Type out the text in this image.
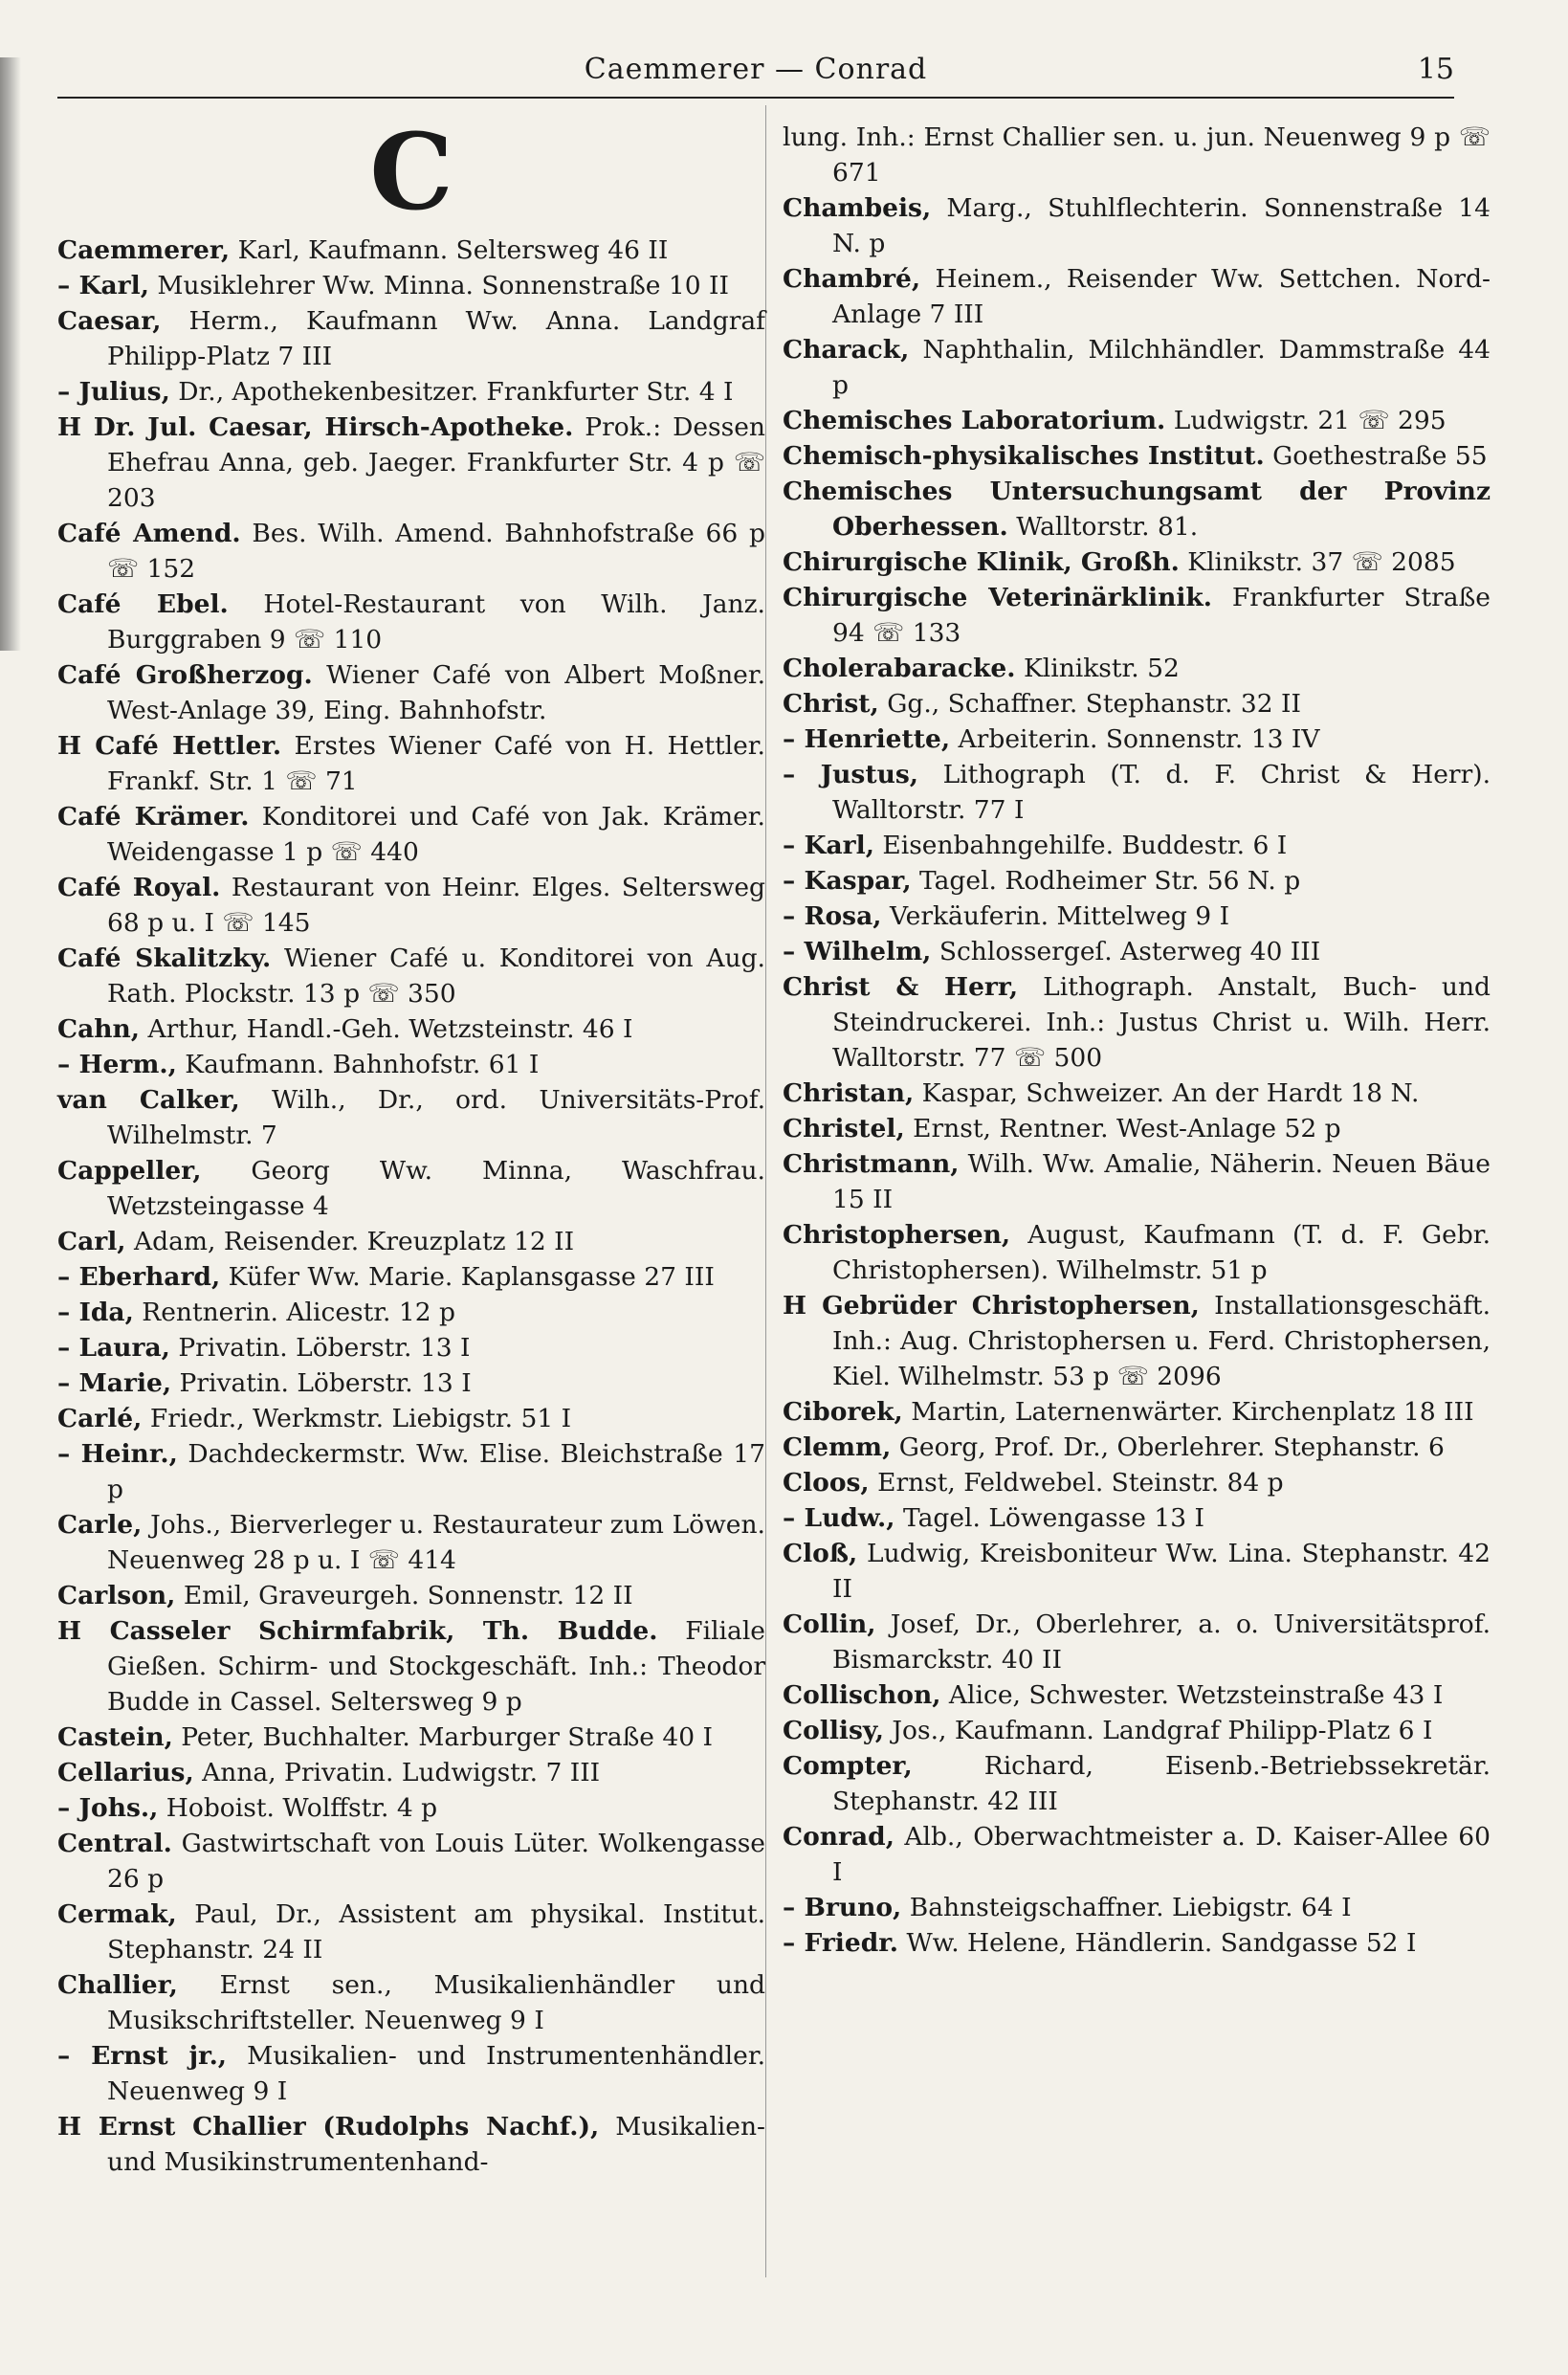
Caemmerer — Conrad	15
C

Caemmerer, Karl, Kaufmann. Seltersweg 46 II

– Karl, Musiklehrer Ww. Minna. Sonnenstraße 10 II

Caesar, Herm., Kaufmann Ww. Anna. Landgraf Philipp-Platz 7 III

– Julius, Dr., Apothekenbesitzer. Frankfurter Str. 4 I

H Dr. Jul. Caesar, Hirsch-Apotheke. Prok.: Dessen Ehefrau Anna, geb. Jaeger. Frankfurter Str. 4 p ☏ 203

Café Amend. Bes. Wilh. Amend. Bahnhofstraße 66 p ☏ 152

Café Ebel. Hotel-Restaurant von Wilh. Janz. Burggraben 9 ☏ 110

Café Großherzog. Wiener Café von Albert Moßner. West-Anlage 39, Eing. Bahnhofstr.

H Café Hettler. Erstes Wiener Café von H. Hettler. Frankf. Str. 1 ☏ 71

Café Krämer. Konditorei und Café von Jak. Krämer. Weidengasse 1 p ☏ 440

Café Royal. Restaurant von Heinr. Elges. Seltersweg 68 p u. I ☏ 145

Café Skalitzky. Wiener Café u. Konditorei von Aug. Rath. Plockstr. 13 p ☏ 350

Cahn, Arthur, Handl.-Geh. Wetzsteinstr. 46 I

– Herm., Kaufmann. Bahnhofstr. 61 I

van Calker, Wilh., Dr., ord. Universitäts-Prof. Wilhelmstr. 7

Cappeller, Georg Ww. Minna, Waschfrau. Wetzsteingasse 4

Carl, Adam, Reisender. Kreuzplatz 12 II

– Eberhard, Küfer Ww. Marie. Kaplansgasse 27 III

– Ida, Rentnerin. Alicestr. 12 p

– Laura, Privatin. Löberstr. 13 I

– Marie, Privatin. Löberstr. 13 I

Carlé, Friedr., Werkmstr. Liebigstr. 51 I

– Heinr., Dachdeckermstr. Ww. Elise. Bleichstraße 17 p

Carle, Johs., Bierverleger u. Restaurateur zum Löwen. Neuenweg 28 p u. I ☏ 414

Carlson, Emil, Graveurgeh. Sonnenstr. 12 II

H Casseler Schirmfabrik, Th. Budde. Filiale Gießen. Schirm- und Stockgeschäft. Inh.: Theodor Budde in Cassel. Seltersweg 9 p

Castein, Peter, Buchhalter. Marburger Straße 40 I

Cellarius, Anna, Privatin. Ludwigstr. 7 III

– Johs., Hoboist. Wolffstr. 4 p

Central. Gastwirtschaft von Louis Lüter. Wolkengasse 26 p

Cermak, Paul, Dr., Assistent am physikal. Institut. Stephanstr. 24 II

Challier, Ernst sen., Musikalienhändler und Musikschriftsteller. Neuenweg 9 I

– Ernst jr., Musikalien- und Instrumentenhändler. Neuenweg 9 I

H Ernst Challier (Rudolphs Nachf.), Musikalien- und Musikinstrumentenhand-

lung. Inh.: Ernst Challier sen. u. jun. Neuenweg 9 p ☏ 671

Chambeis, Marg., Stuhlflechterin. Sonnenstraße 14 N. p

Chambré, Heinem., Reisender Ww. Settchen. Nord-Anlage 7 III

Charack, Naphthalin, Milchhändler. Dammstraße 44 p

Chemisches Laboratorium. Ludwigstr. 21 ☏ 295

Chemisch-physikalisches Institut. Goethestraße 55

Chemisches Untersuchungsamt der Provinz Oberhessen. Walltorstr. 81.

Chirurgische Klinik, Großh. Klinikstr. 37 ☏ 2085

Chirurgische Veterinärklinik. Frankfurter Straße 94 ☏ 133

Cholerabaracke. Klinikstr. 52

Christ, Gg., Schaffner. Stephanstr. 32 II

– Henriette, Arbeiterin. Sonnenstr. 13 IV

– Justus, Lithograph (T. d. F. Christ & Herr). Walltorstr. 77 I

– Karl, Eisenbahngehilfe. Buddestr. 6 I

– Kaspar, Tagel. Rodheimer Str. 56 N. p

– Rosa, Verkäuferin. Mittelweg 9 I

– Wilhelm, Schlossergeſ. Asterweg 40 III

Christ & Herr, Lithograph. Anstalt, Buch- und Steindruckerei. Inh.: Justus Christ u. Wilh. Herr. Walltorstr. 77 ☏ 500

Christan, Kaspar, Schweizer. An der Hardt 18 N.

Christel, Ernst, Rentner. West-Anlage 52 p

Christmann, Wilh. Ww. Amalie, Näherin. Neuen Bäue 15 II

Christophersen, August, Kaufmann (T. d. F. Gebr. Christophersen). Wilhelmstr. 51 p

H Gebrüder Christophersen, Installationsgeschäft. Inh.: Aug. Christophersen u. Ferd. Christophersen, Kiel. Wilhelmstr. 53 p ☏ 2096

Ciborek, Martin, Laternenwärter. Kirchenplatz 18 III

Clemm, Georg, Prof. Dr., Oberlehrer. Stephanstr. 6

Cloos, Ernst, Feldwebel. Steinstr. 84 p

– Ludw., Tagel. Löwengasse 13 I

Cloß, Ludwig, Kreisboniteur Ww. Lina. Stephanstr. 42 II

Collin, Josef, Dr., Oberlehrer, a. o. Universitätsprof. Bismarckstr. 40 II

Collischon, Alice, Schwester. Wetzsteinstraße 43 I

Collisy, Jos., Kaufmann. Landgraf Philipp-Platz 6 I

Compter,	Richard, Eisenb.-Betriebssekretär. Stephanstr. 42 III

Conrad, Alb., Oberwachtmeister a. D. Kaiser-Allee 60 I

– Bruno, Bahnsteigschaffner. Liebigstr. 64 I

– Friedr. Ww. Helene, Händlerin. Sandgasse 52 I
